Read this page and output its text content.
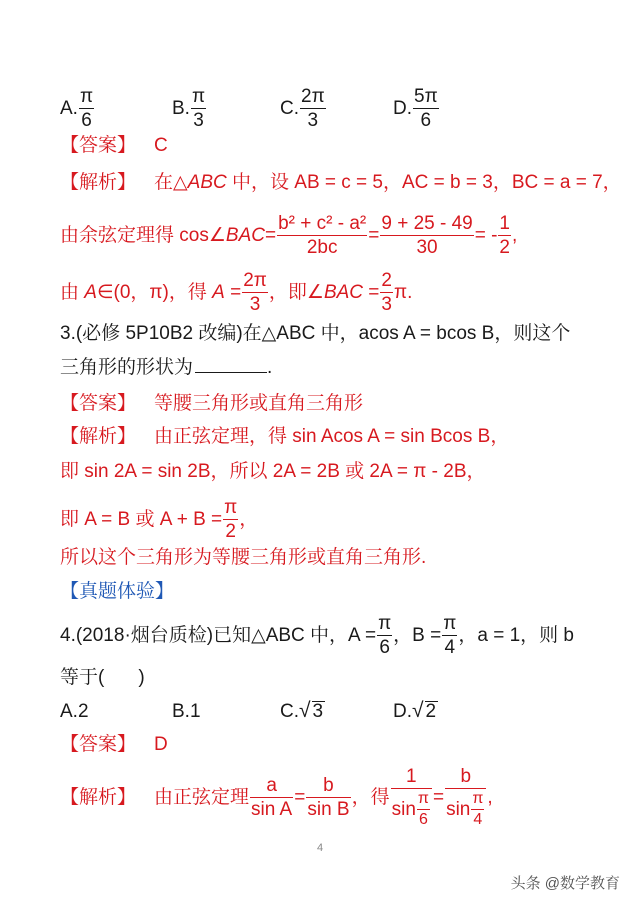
A. $\frac{\pi}{6}$	B. $\frac{\pi}{3}$	C. $\frac{2\pi}{3}$	D. $\frac{5\pi}{6}$
【答案】 C
【解析】 在△ABC 中，设 AB = c = 5，AC = b = 3，BC = a = 7，
由余弦定理得 cos∠BAC= $\frac{\text{b² + c² - a²}}{2bc} = \frac{9 + 25 - 49}{30}$ = - $\frac{1}{2}$ ,
由 A∈(0，π)，得 $A = \frac{2\pi}{3}$ ，即∠BAC = $\frac{2}{3} \pi$.
3.(必修 5P10B2 改编)在△ABC 中，acos A = bcos B，则这个
三角形的形状为	.
【答案】 等腰三角形或直角三角形
【解析】 由正弦定理，得 sin Acos A = sin Bcos B，
即 sin 2A = sin 2B，所以 2A = 2B 或 2A = π - 2B，
即 A = B 或 $A + B = \frac{\pi}{2}$ ，
所以这个三角形为等腰三角形或直角三角形.
【真题体验】
4.(2018·烟台质检)已知△ABC 中，$A = \frac{\pi}{6}$ ，$B = \frac{\pi}{4}$ ，a = 1，则 b
等于( )
A.2	B.1	C.√ 3	D.√ 2
【答案】 D
【解析】 由正弦定理 $\frac{a}{\text{sin A}} = \frac{b}{\text{sin B}}$ ，得 $\frac{1}{\sin \frac{\pi}{6}} = \frac{b}{\sin \frac{\pi}{4}}$ ,
4
头条 @数学教育
